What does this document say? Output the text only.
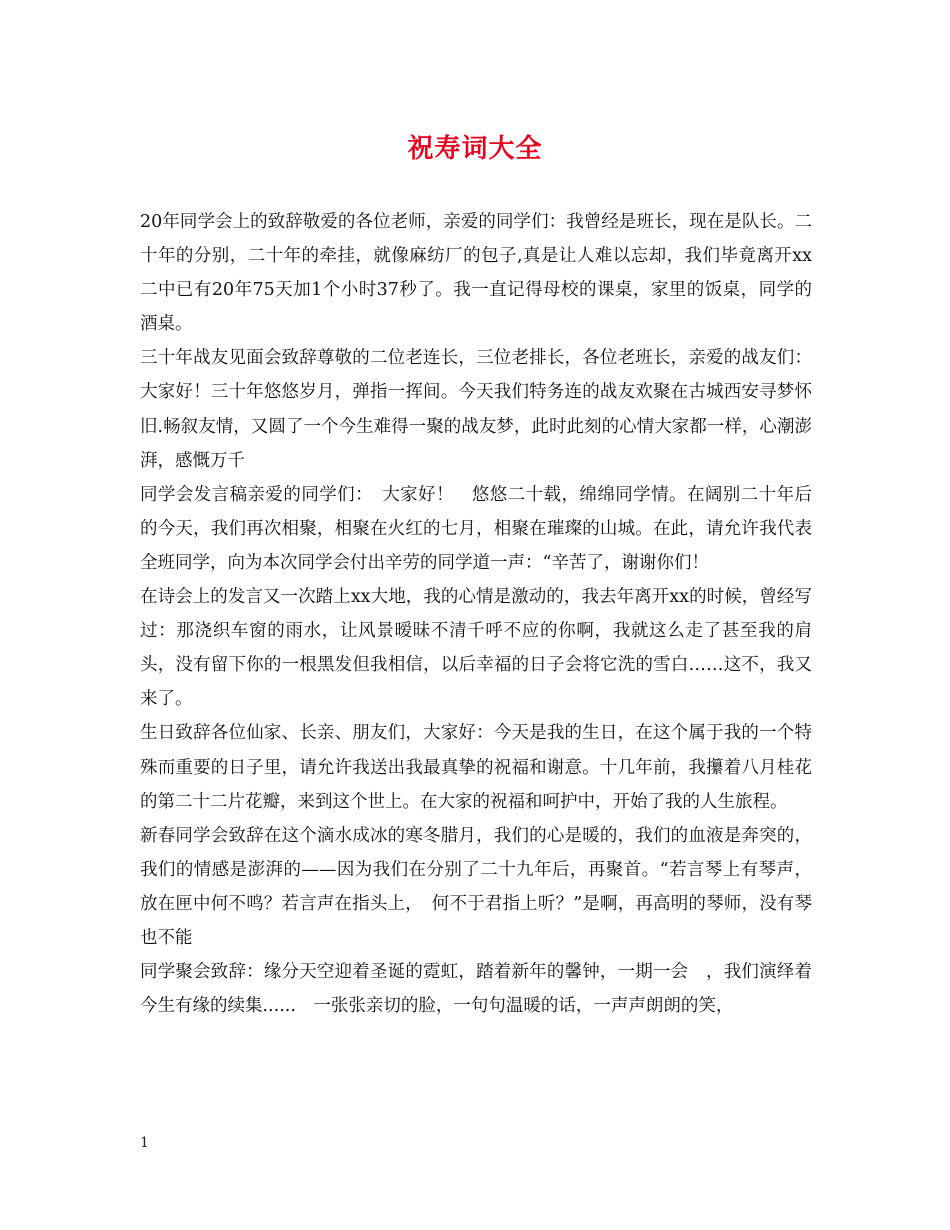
祝寿词大全

20年同学会上的致辞敬爱的各位老师，亲爱的同学们：我曾经是班长，现在是队长。二十年的分别，二十年的牵挂，就像麻纺厂的包子,真是让人难以忘却，我们毕竟离开xx二中已有20年75天加1个小时37秒了。我一直记得母校的课桌，家里的饭桌，同学的酒桌。

三十年战友见面会致辞尊敬的二位老连长，三位老排长，各位老班长，亲爱的战友们：大家好！三十年悠悠岁月，弹指一挥间。今天我们特务连的战友欢聚在古城西安寻梦怀旧.畅叙友情，又圆了一个今生难得一聚的战友梦，此时此刻的心情大家都一样，心潮澎湃，感慨万千

同学会发言稿亲爱的同学们：　大家好！　悠悠二十载，绵绵同学情。在阔别二十年后的今天，我们再次相聚，相聚在火红的七月，相聚在璀璨的山城。在此，请允许我代表全班同学，向为本次同学会付出辛劳的同学道一声：“辛苦了，谢谢你们！

在诗会上的发言又一次踏上xx大地，我的心情是激动的，我去年离开xx的时候，曾经写过：那浇织车窗的雨水，让风景暧昧不清千呼不应的你啊，我就这么走了甚至我的肩头，没有留下你的一根黑发但我相信，以后幸福的日子会将它洗的雪白……这不，我又来了。

生日致辞各位仙家、长亲、朋友们，大家好：今天是我的生日，在这个属于我的一个特殊而重要的日子里，请允许我送出我最真挚的祝福和谢意。十几年前，我攥着八月桂花的第二十二片花瓣，来到这个世上。在大家的祝福和呵护中，开始了我的人生旅程。

新春同学会致辞在这个滴水成冰的寒冬腊月，我们的心是暖的，我们的血液是奔突的，我们的情感是澎湃的——因为我们在分别了二十九年后，再聚首。“若言琴上有琴声，放在匣中何不鸣？若言声在指头上，　何不于君指上听？”是啊，再高明的琴师，没有琴也不能

同学聚会致辞：缘分天空迎着圣诞的霓虹，踏着新年的馨钟，一期一会　，我们演绎着今生有缘的续集......　一张张亲切的脸，一句句温暖的话，一声声朗朗的笑，

1
